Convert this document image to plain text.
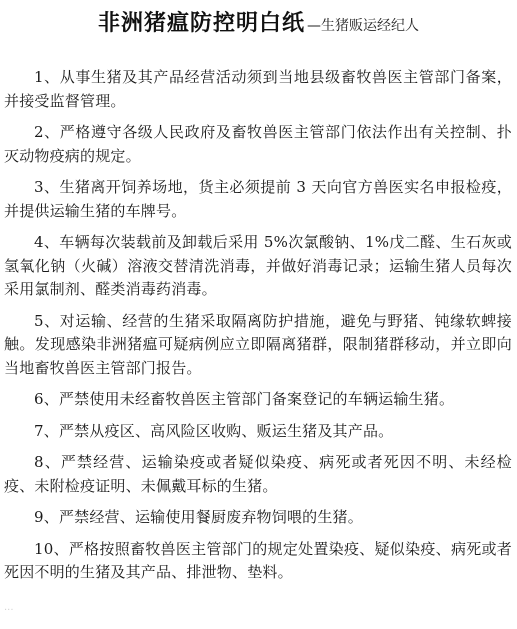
非洲猪瘟防控明白纸 —生猪贩运经纪人

1、从事生猪及其产品经营活动须到当地县级畜牧兽医主管部门备案，并接受监督管理。

2、严格遵守各级人民政府及畜牧兽医主管部门依法作出有关控制、扑灭动物疫病的规定。

3、生猪离开饲养场地，货主必须提前 3 天向官方兽医实名申报检疫，并提供运输生猪的车牌号。

4、车辆每次装载前及卸载后采用 5%次氯酸钠、1%戊二醛、生石灰或氢氧化钠（火碱）溶液交替清洗消毒，并做好消毒记录；运输生猪人员每次采用氯制剂、醛类消毒药消毒。

5、对运输、经营的生猪采取隔离防护措施，避免与野猪、钝缘软蜱接触。发现感染非洲猪瘟可疑病例应立即隔离猪群，限制猪群移动，并立即向当地畜牧兽医主管部门报告。

6、严禁使用未经畜牧兽医主管部门备案登记的车辆运输生猪。

7、严禁从疫区、高风险区收购、贩运生猪及其产品。

8、严禁经营、运输染疫或者疑似染疫、病死或者死因不明、未经检疫、未附检疫证明、未佩戴耳标的生猪。

9、严禁经营、运输使用餐厨废弃物饲喂的生猪。

10、严格按照畜牧兽医主管部门的规定处置染疫、疑似染疫、病死或者死因不明的生猪及其产品、排泄物、垫料。

...
